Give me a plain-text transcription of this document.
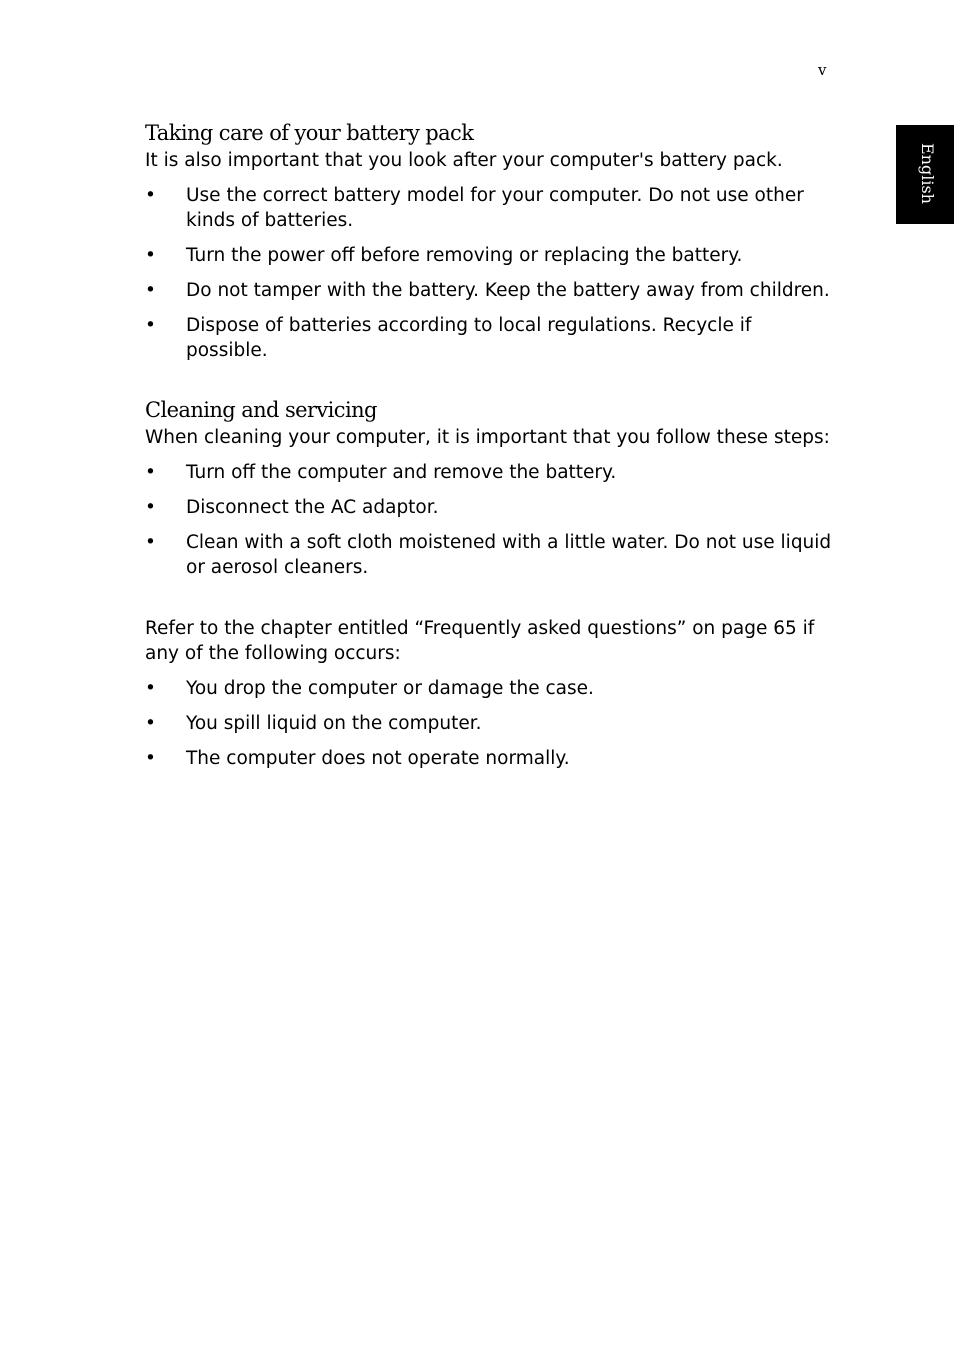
v
English
Taking care of your battery pack

It is also important that you look after your computer's battery pack.

• Use the correct battery model for your computer. Do not use other kinds of batteries.
• Turn the power off before removing or replacing the battery.
• Do not tamper with the battery. Keep the battery away from children.
• Dispose of batteries according to local regulations. Recycle if possible.
Cleaning and servicing

When cleaning your computer, it is important that you follow these steps:

• Turn off the computer and remove the battery.
• Disconnect the AC adaptor.
• Clean with a soft cloth moistened with a little water. Do not use liquid or aerosol cleaners.

Refer to the chapter entitled “Frequently asked questions” on page 65 if any of the following occurs:

• You drop the computer or damage the case.
• You spill liquid on the computer.
• The computer does not operate normally.
